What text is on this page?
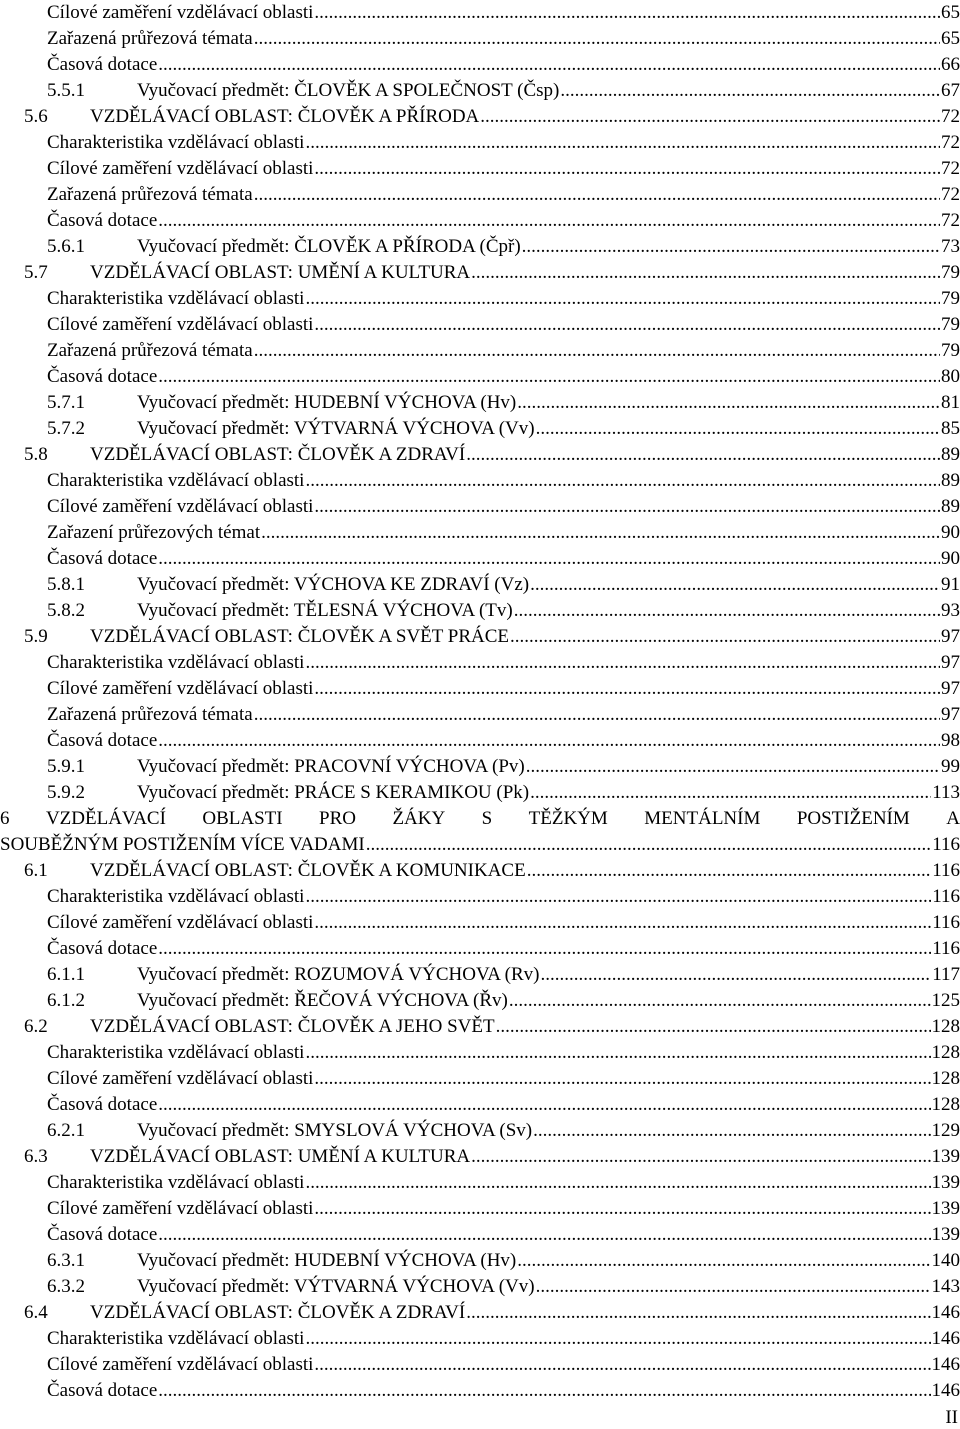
Cílové zaměření vzdělávací oblasti .....	65
Zařazená průřezová témata .....	65
Časová dotace .....	66
5.5.1	Vyučovací předmět: ČLOVĚK A SPOLEČNOST (Čsp) .....	67
5.6	VZDĚLÁVACÍ OBLAST: ČLOVĚK A PŘÍRODA .....	72
Charakteristika vzdělávací oblasti .....	72
Cílové zaměření vzdělávací oblasti .....	72
Zařazená průřezová témata .....	72
Časová dotace .....	72
5.6.1	Vyučovací předmět: ČLOVĚK A PŘÍRODA (Čpř) .....	73
5.7	VZDĚLÁVACÍ OBLAST: UMĚNÍ A KULTURA .....	79
Charakteristika vzdělávací oblasti .....	79
Cílové zaměření vzdělávací oblasti .....	79
Zařazená průřezová témata .....	79
Časová dotace .....	80
5.7.1	Vyučovací předmět: HUDEBNÍ VÝCHOVA (Hv) .....	81
5.7.2	Vyučovací předmět: VÝTVARNÁ VÝCHOVA (Vv) .....	85
5.8	VZDĚLÁVACÍ OBLAST: ČLOVĚK A ZDRAVÍ .....	89
Charakteristika vzdělávací oblasti .....	89
Cílové zaměření vzdělávací oblasti .....	89
Zařazení průřezových témat .....	90
Časová dotace .....	90
5.8.1	Vyučovací předmět: VÝCHOVA KE ZDRAVÍ (Vz) .....	91
5.8.2	Vyučovací předmět: TĚLESNÁ VÝCHOVA (Tv) .....	93
5.9	VZDĚLÁVACÍ OBLAST: ČLOVĚK A SVĚT PRÁCE .....	97
Charakteristika vzdělávací oblasti .....	97
Cílové zaměření vzdělávací oblasti .....	97
Zařazená průřezová témata .....	97
Časová dotace .....	98
5.9.1	Vyučovací předmět: PRACOVNÍ VÝCHOVA (Pv) .....	99
5.9.2	Vyučovací předmět: PRÁCE S KERAMIKOU (Pk) .....	113
6 VZDĚLÁVACÍ OBLASTI PRO ŽÁKY S TĚŽKÝM MENTÁLNÍM POSTIŽENÍM A
SOUBĚŽNÝM POSTIŽENÍM VÍCE VADAMI .....	116
6.1	VZDĚLÁVACÍ OBLAST: ČLOVĚK A KOMUNIKACE .....	116
Charakteristika vzdělávací oblasti .....	116
Cílové zaměření vzdělávací oblasti .....	116
Časová dotace .....	116
6.1.1	Vyučovací předmět: ROZUMOVÁ VÝCHOVA (Rv) .....	117
6.1.2	Vyučovací předmět: ŘEČOVÁ VÝCHOVA (Řv) .....	125
6.2	VZDĚLÁVACÍ OBLAST: ČLOVĚK A JEHO SVĚT .....	128
Charakteristika vzdělávací oblasti .....	128
Cílové zaměření vzdělávací oblasti .....	128
Časová dotace .....	128
6.2.1	Vyučovací předmět: SMYSLOVÁ VÝCHOVA (Sv) .....	129
6.3	VZDĚLÁVACÍ OBLAST: UMĚNÍ A KULTURA .....	139
Charakteristika vzdělávací oblasti .....	139
Cílové zaměření vzdělávací oblasti .....	139
Časová dotace .....	139
6.3.1	Vyučovací předmět: HUDEBNÍ VÝCHOVA (Hv) .....	140
6.3.2	Vyučovací předmět: VÝTVARNÁ VÝCHOVA (Vv) .....	143
6.4	VZDĚLÁVACÍ OBLAST: ČLOVĚK A ZDRAVÍ .....	146
Charakteristika vzdělávací oblasti .....	146
Cílové zaměření vzdělávací oblasti .....	146
Časová dotace .....	146
II
